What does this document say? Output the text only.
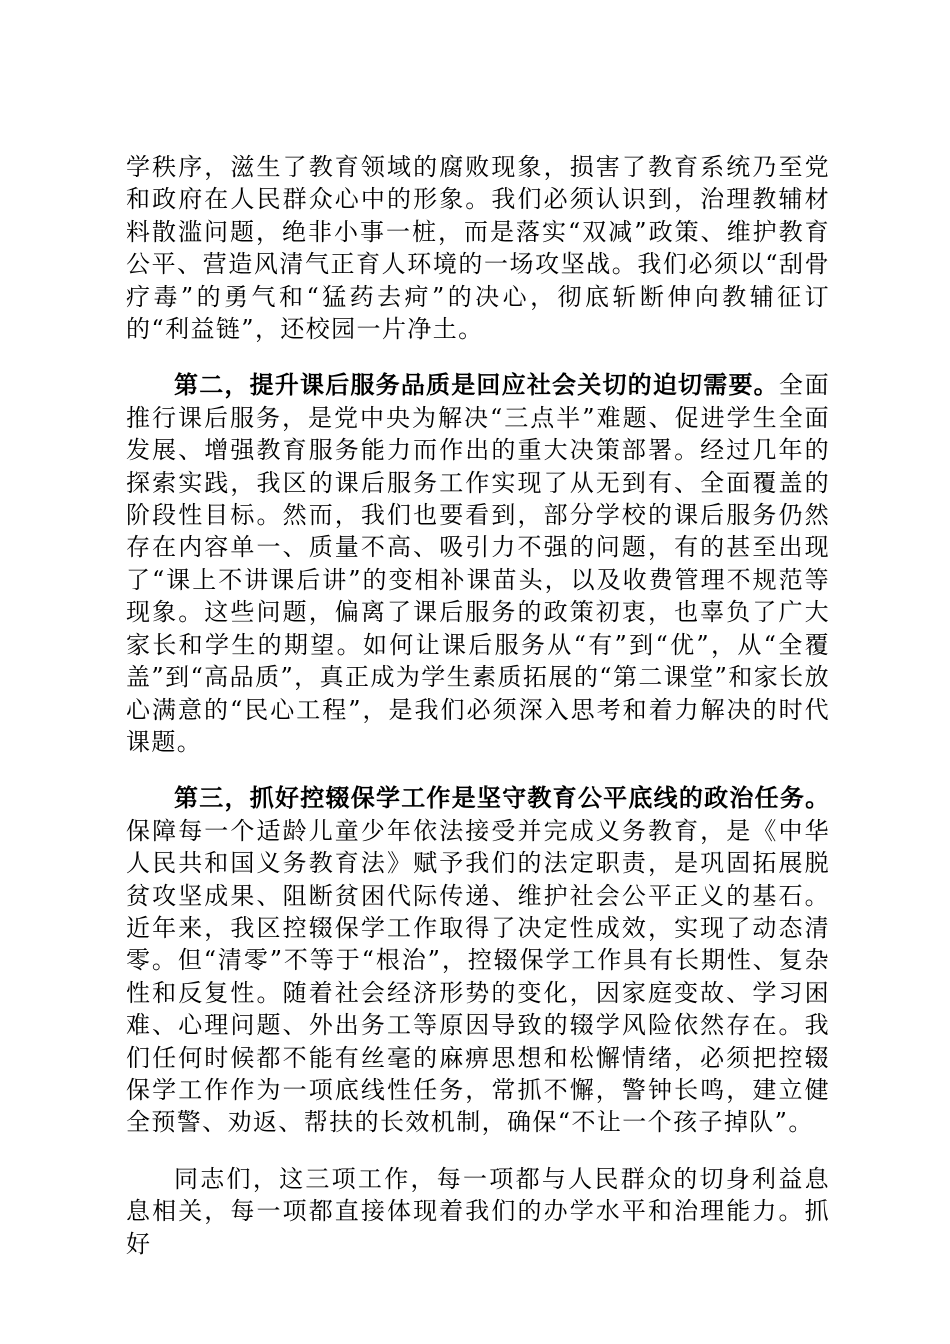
学秩序，滋生了教育领域的腐败现象，损害了教育系统乃至党和政府在人民群众心中的形象。我们必须认识到，治理教辅材料散滥问题，绝非小事一桩，而是落实“双减”政策、维护教育公平、营造风清气正育人环境的一场攻坚战。我们必须以“刮骨疗毒”的勇气和“猛药去疴”的决心，彻底斩断伸向教辅征订的“利益链”，还校园一片净土。

第二，提升课后服务品质是回应社会关切的迫切需要。全面推行课后服务，是党中央为解决“三点半”难题、促进学生全面发展、增强教育服务能力而作出的重大决策部署。经过几年的探索实践，我区的课后服务工作实现了从无到有、全面覆盖的阶段性目标。然而，我们也要看到，部分学校的课后服务仍然存在内容单一、质量不高、吸引力不强的问题，有的甚至出现了“课上不讲课后讲”的变相补课苗头，以及收费管理不规范等现象。这些问题，偏离了课后服务的政策初衷，也辜负了广大家长和学生的期望。如何让课后服务从“有”到“优”，从“全覆盖”到“高品质”，真正成为学生素质拓展的“第二课堂”和家长放心满意的“民心工程”，是我们必须深入思考和着力解决的时代课题。

第三，抓好控辍保学工作是坚守教育公平底线的政治任务。保障每一个适龄儿童少年依法接受并完成义务教育，是《中华人民共和国义务教育法》赋予我们的法定职责，是巩固拓展脱贫攻坚成果、阻断贫困代际传递、维护社会公平正义的基石。近年来，我区控辍保学工作取得了决定性成效，实现了动态清零。但“清零”不等于“根治”，控辍保学工作具有长期性、复杂性和反复性。随着社会经济形势的变化，因家庭变故、学习困难、心理问题、外出务工等原因导致的辍学风险依然存在。我们任何时候都不能有丝毫的麻痹思想和松懈情绪，必须把控辍保学工作作为一项底线性任务，常抓不懈，警钟长鸣，建立健全预警、劝返、帮扶的长效机制，确保“不让一个孩子掉队”。

同志们，这三项工作，每一项都与人民群众的切身利益息息相关，每一项都直接体现着我们的办学水平和治理能力。抓好
